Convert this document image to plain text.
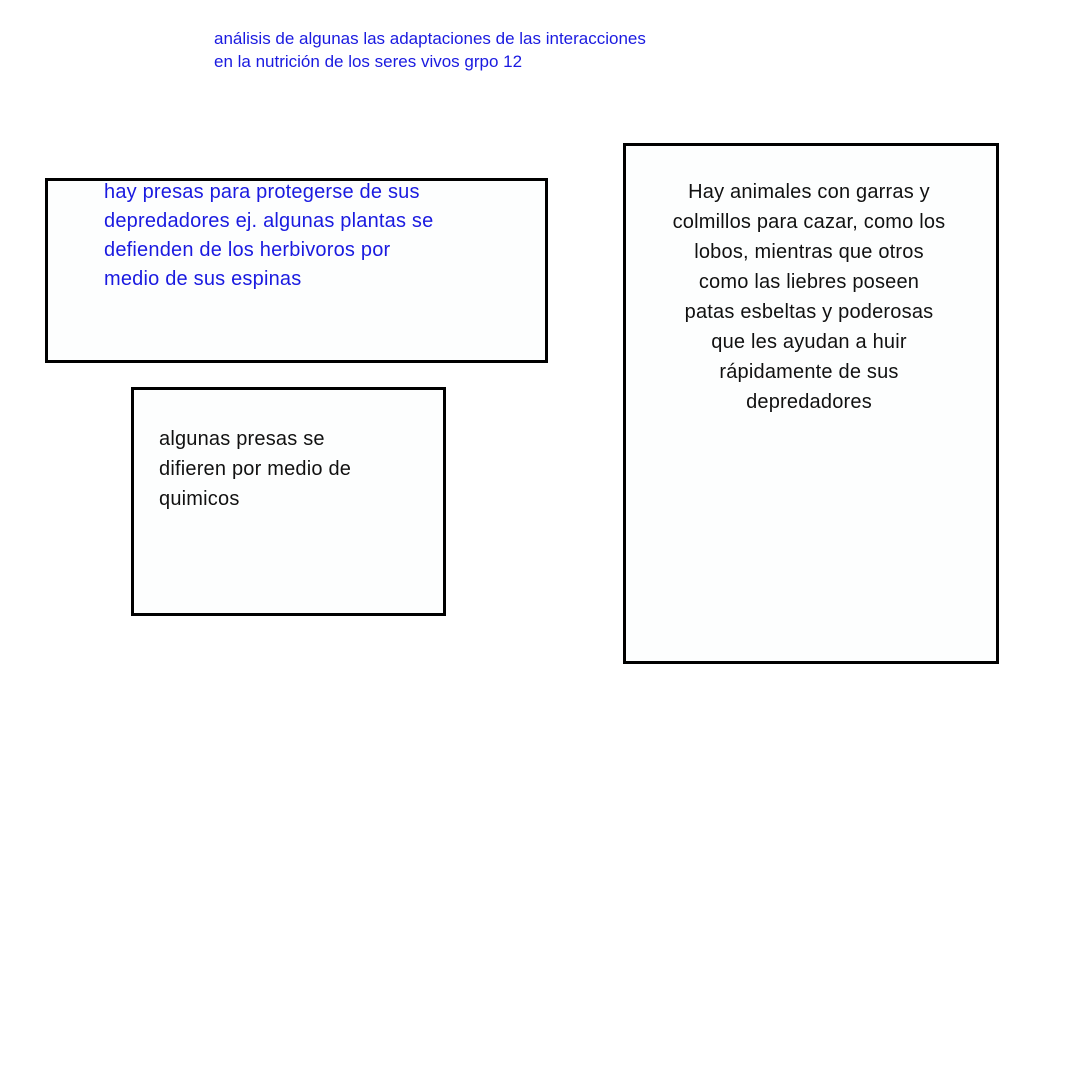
análisis de algunas las adaptaciones de las interacciones
en la nutrición de los seres vivos grpo 12
hay presas para protegerse de sus
depredadores ej. algunas plantas se
defienden de los herbivoros por
medio de sus espinas
algunas presas se
difieren por medio de
quimicos
Hay animales con garras y
colmillos para cazar, como los
lobos, mientras que otros
como las liebres poseen
patas esbeltas y poderosas
que les ayudan a huir
rápidamente de sus
depredadores
